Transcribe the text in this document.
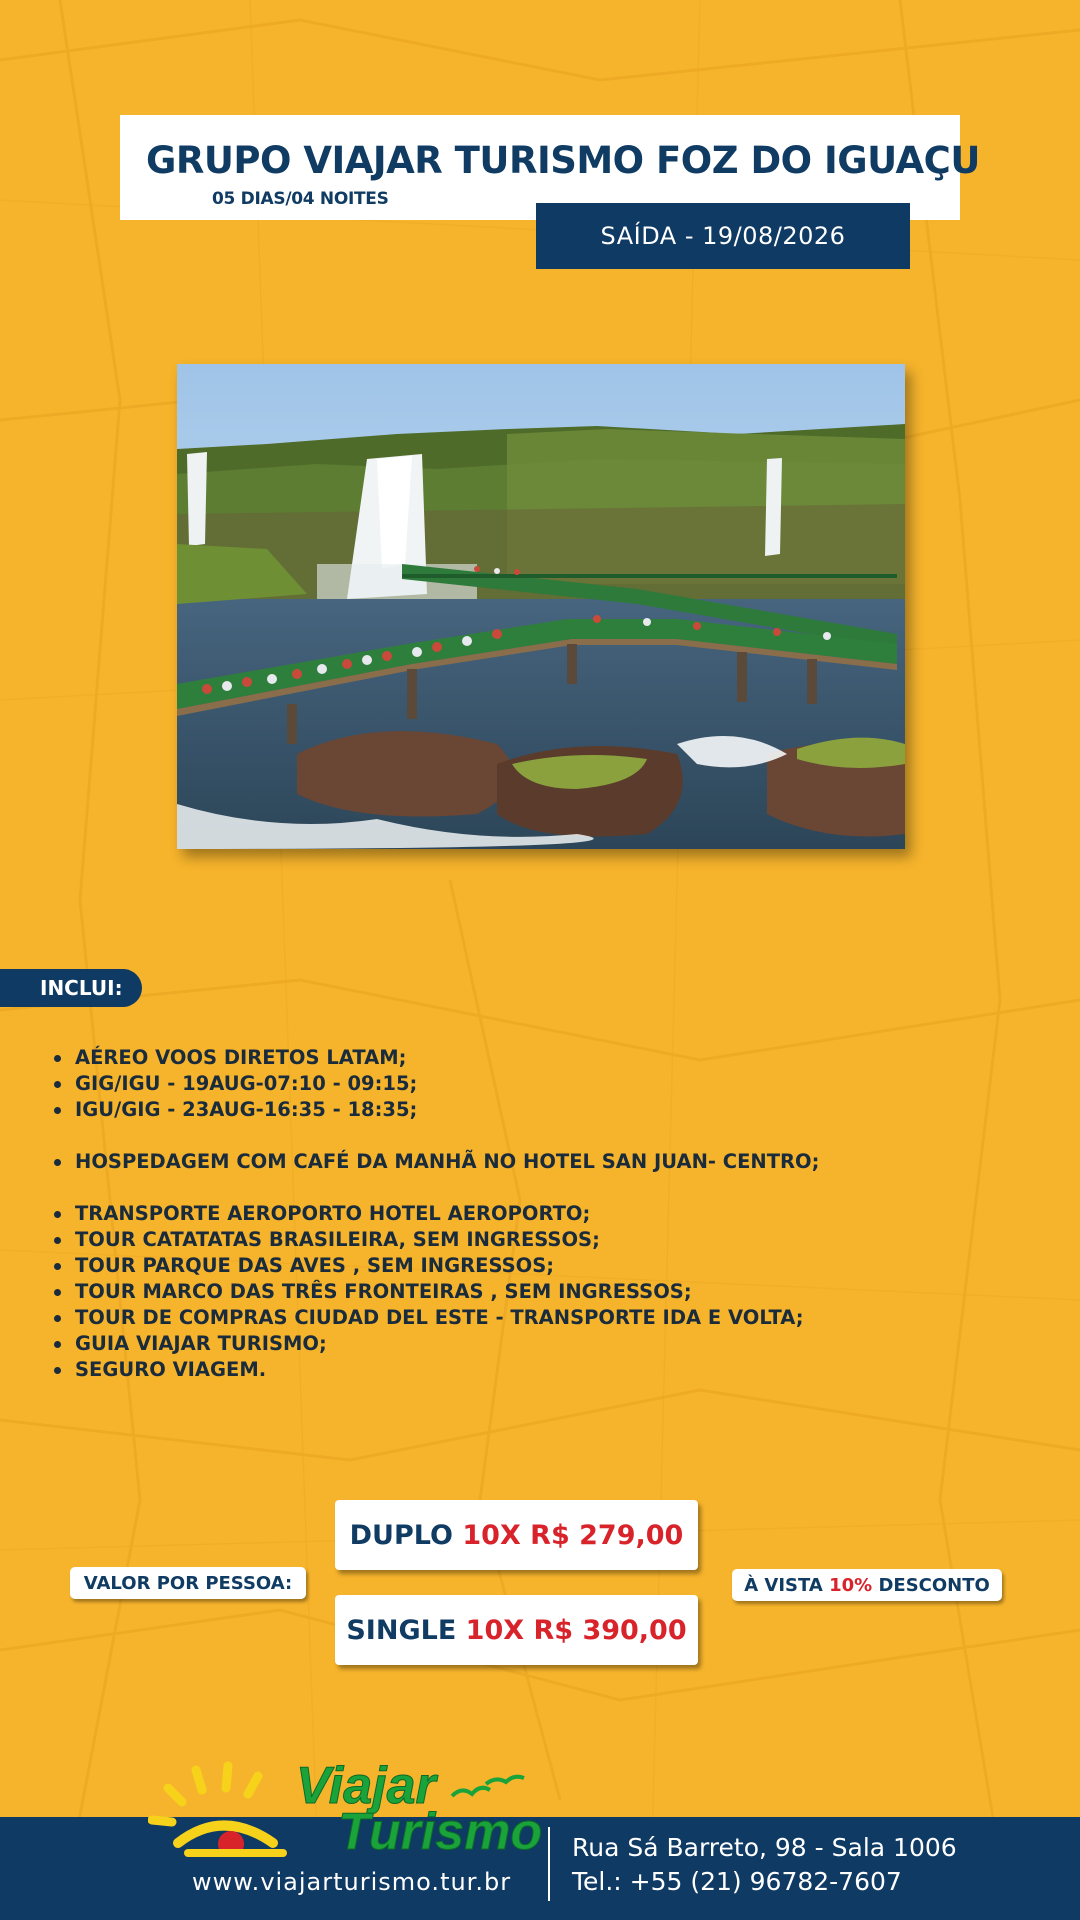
GRUPO VIAJAR TURISMO FOZ DO IGUAÇU
05 DIAS/04 NOITES
SAÍDA - 19/08/2026
INCLUI:
AÉREO VOOS DIRETOS LATAM;
GIG/IGU - 19AUG-07:10 - 09:15;
IGU/GIG - 23AUG-16:35 - 18:35;
HOSPEDAGEM COM CAFÉ DA MANHÃ NO HOTEL SAN JUAN- CENTRO;
TRANSPORTE AEROPORTO HOTEL AEROPORTO;
TOUR CATATATAS BRASILEIRA, SEM INGRESSOS;
TOUR PARQUE DAS AVES , SEM INGRESSOS;
TOUR MARCO DAS TRÊS FRONTEIRAS , SEM INGRESSOS;
TOUR DE COMPRAS CIUDAD DEL ESTE - TRANSPORTE IDA E VOLTA;
GUIA VIAJAR TURISMO;
SEGURO VIAGEM.
VALOR POR PESSOA:
DUPLO
10X R$ 279,00
SINGLE
10X R$ 390,00
À VISTA
10%
DESCONTO
Viajar
Turismo
www.viajarturismo.tur.br
Rua Sá Barreto, 98 - Sala 1006
Tel.: +55 (21) 96782-7607
